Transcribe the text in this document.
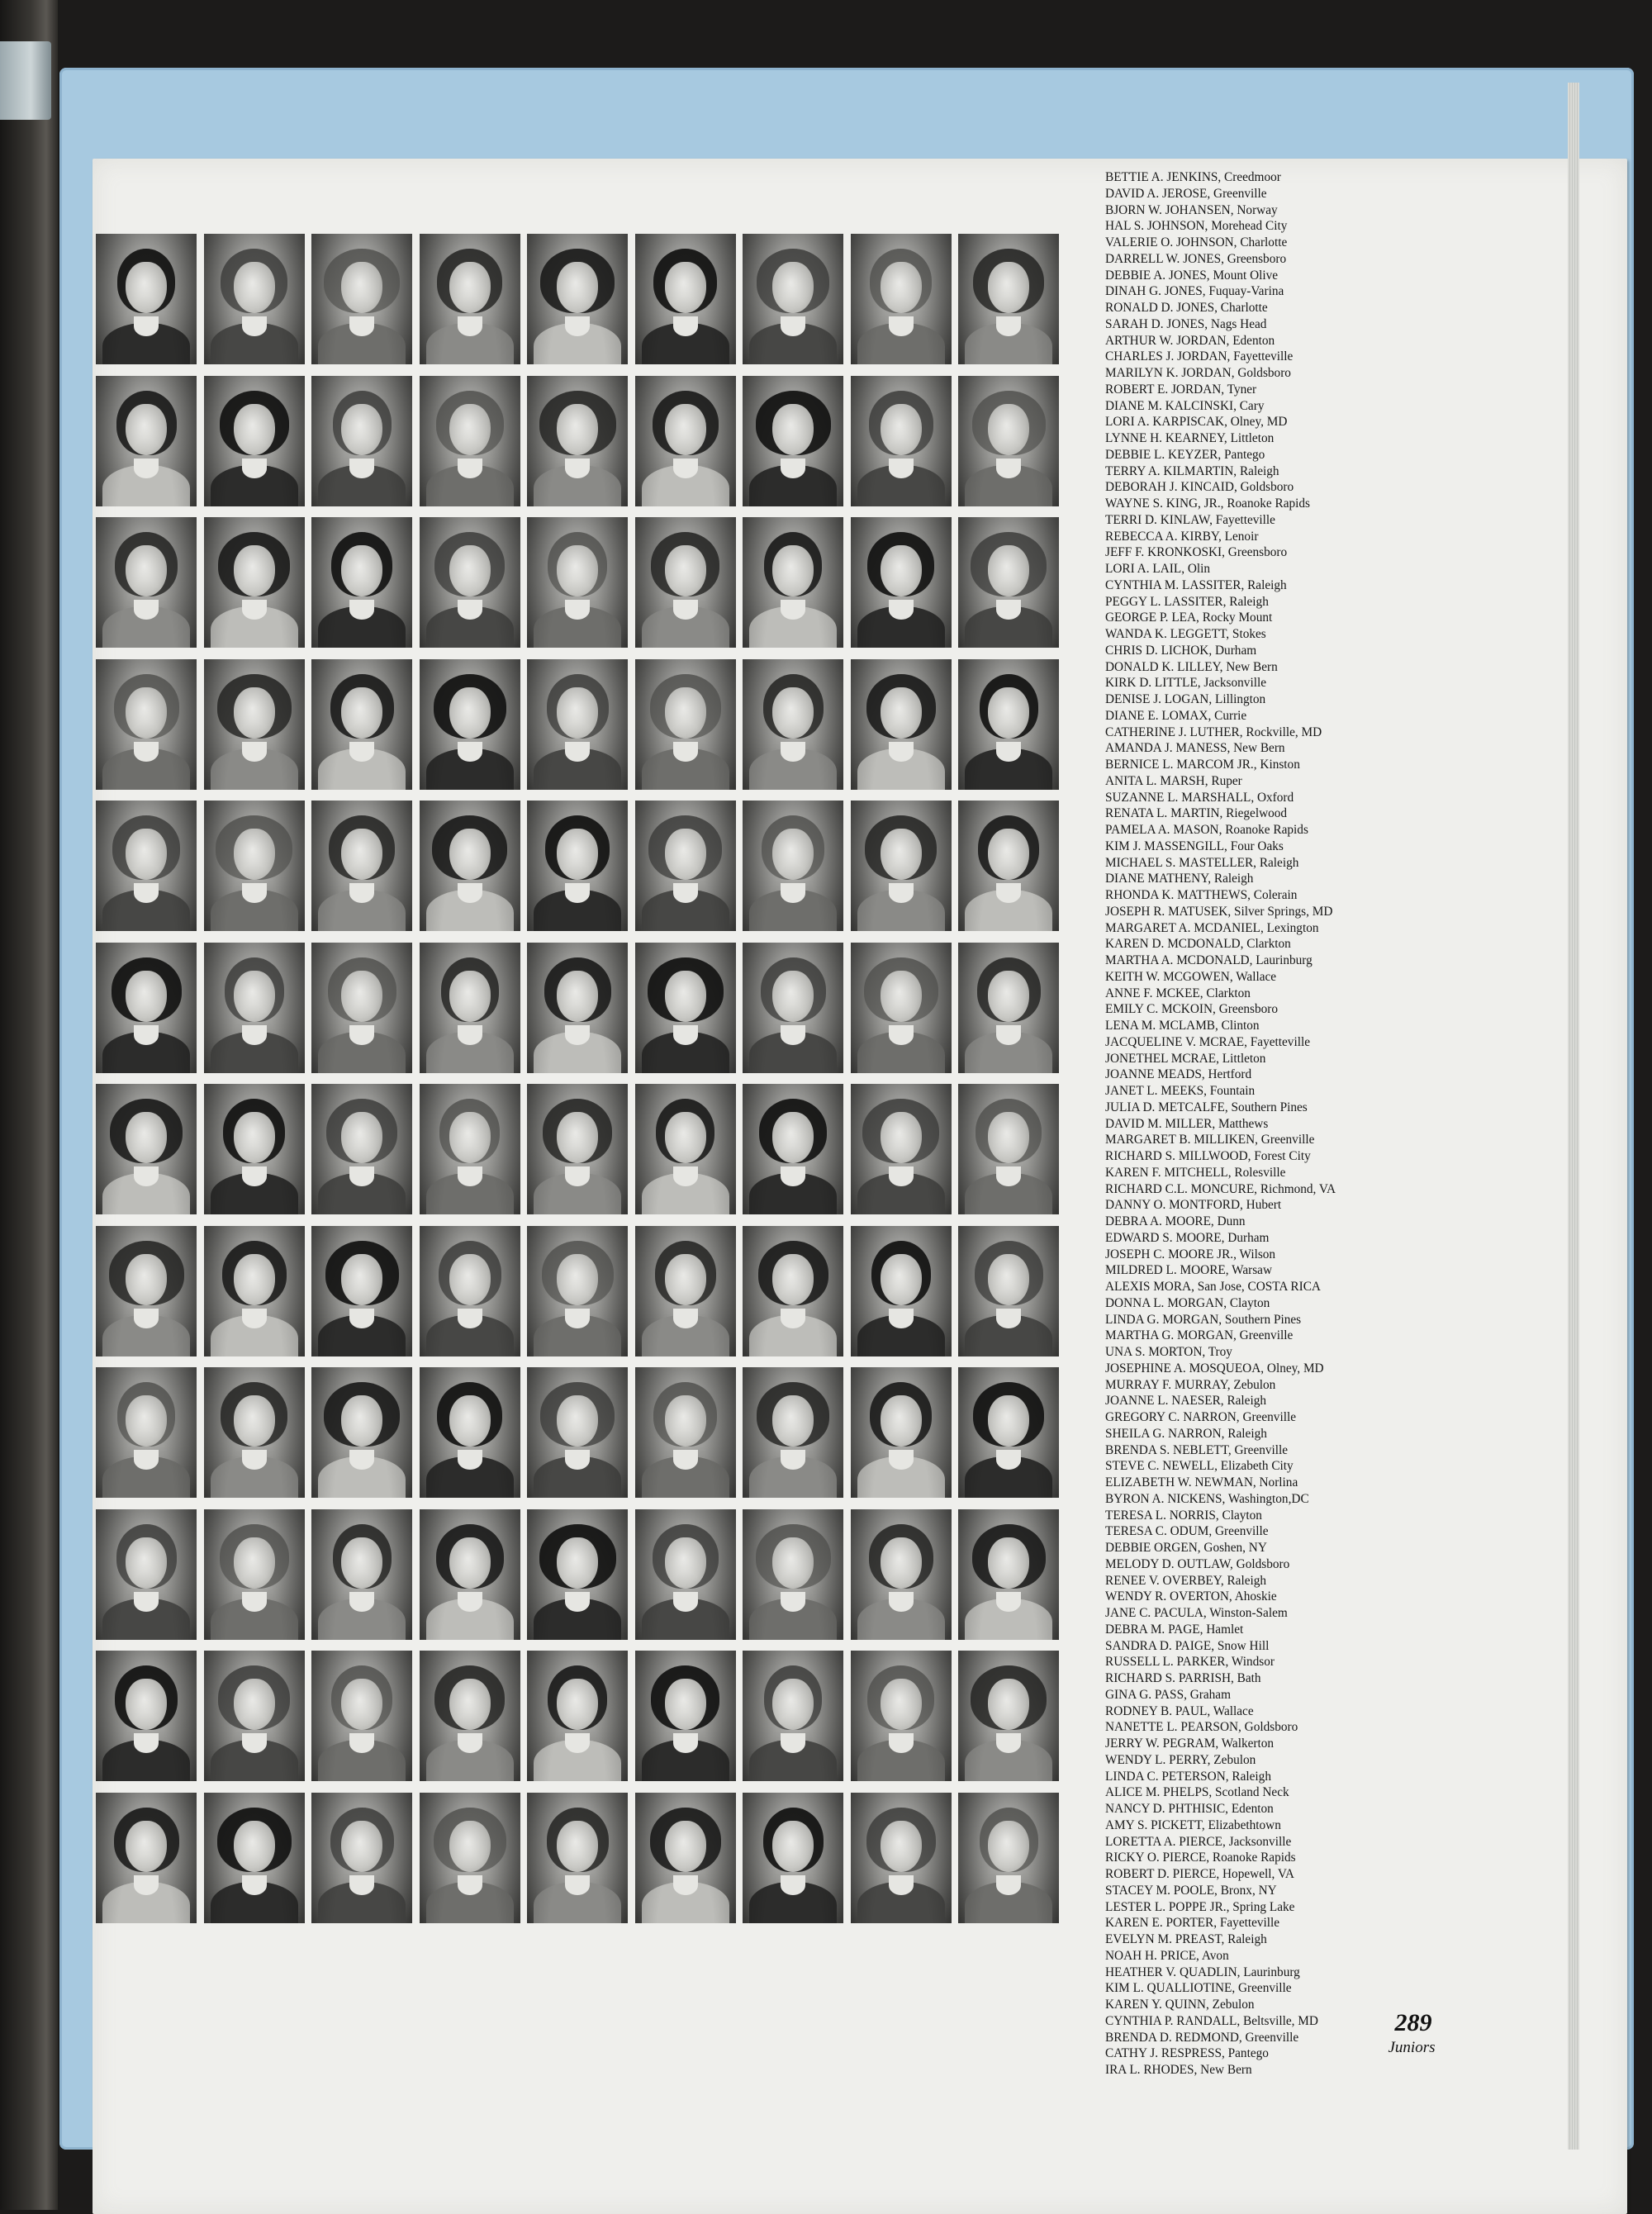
BETTIE A. JENKINS, Creedmoor
DAVID A. JEROSE, Greenville
BJORN W. JOHANSEN, Norway
HAL S. JOHNSON, Morehead City
VALERIE O. JOHNSON, Charlotte
DARRELL W. JONES, Greensboro
DEBBIE A. JONES, Mount Olive
DINAH G. JONES, Fuquay-Varina
RONALD D. JONES, Charlotte
SARAH D. JONES, Nags Head
ARTHUR W. JORDAN, Edenton
CHARLES J. JORDAN, Fayetteville
MARILYN K. JORDAN, Goldsboro
ROBERT E. JORDAN, Tyner
DIANE M. KALCINSKI, Cary
LORI A. KARPISCAK, Olney, MD
LYNNE H. KEARNEY, Littleton
DEBBIE L. KEYZER, Pantego
TERRY A. KILMARTIN, Raleigh
DEBORAH J. KINCAID, Goldsboro
WAYNE S. KING, JR., Roanoke Rapids
TERRI D. KINLAW, Fayetteville
REBECCA A. KIRBY, Lenoir
JEFF F. KRONKOSKI, Greensboro
LORI A. LAIL, Olin
CYNTHIA M. LASSITER, Raleigh
PEGGY L. LASSITER, Raleigh
GEORGE P. LEA, Rocky Mount
WANDA K. LEGGETT, Stokes
CHRIS D. LICHOK, Durham
DONALD K. LILLEY, New Bern
KIRK D. LITTLE, Jacksonville
DENISE J. LOGAN, Lillington
DIANE E. LOMAX, Currie
CATHERINE J. LUTHER, Rockville, MD
AMANDA J. MANESS, New Bern
BERNICE L. MARCOM JR., Kinston
ANITA L. MARSH, Ruper
SUZANNE L. MARSHALL, Oxford
RENATA L. MARTIN, Riegelwood
PAMELA A. MASON, Roanoke Rapids
KIM J. MASSENGILL, Four Oaks
MICHAEL S. MASTELLER, Raleigh
DIANE MATHENY, Raleigh
RHONDA K. MATTHEWS, Colerain
JOSEPH R. MATUSEK, Silver Springs, MD
MARGARET A. MCDANIEL, Lexington
KAREN D. MCDONALD, Clarkton
MARTHA A. MCDONALD, Laurinburg
KEITH W. MCGOWEN, Wallace
ANNE F. MCKEE, Clarkton
EMILY C. MCKOIN, Greensboro
LENA M. MCLAMB, Clinton
JACQUELINE V. MCRAE, Fayetteville
JONETHEL MCRAE, Littleton
JOANNE MEADS, Hertford
JANET L. MEEKS, Fountain
JULIA D. METCALFE, Southern Pines
DAVID M. MILLER, Matthews
MARGARET B. MILLIKEN, Greenville
RICHARD S. MILLWOOD, Forest City
KAREN F. MITCHELL, Rolesville
RICHARD C.L. MONCURE, Richmond, VA
DANNY O. MONTFORD, Hubert
DEBRA A. MOORE, Dunn
EDWARD S. MOORE, Durham
JOSEPH C. MOORE JR., Wilson
MILDRED L. MOORE, Warsaw
ALEXIS MORA, San Jose, COSTA RICA
DONNA L. MORGAN, Clayton
LINDA G. MORGAN, Southern Pines
MARTHA G. MORGAN, Greenville
UNA S. MORTON, Troy
JOSEPHINE A. MOSQUEOA, Olney, MD
MURRAY F. MURRAY, Zebulon
JOANNE L. NAESER, Raleigh
GREGORY C. NARRON, Greenville
SHEILA G. NARRON, Raleigh
BRENDA S. NEBLETT, Greenville
STEVE C. NEWELL, Elizabeth City
ELIZABETH W. NEWMAN, Norlina
BYRON A. NICKENS, Washington,DC
TERESA L. NORRIS, Clayton
TERESA C. ODUM, Greenville
DEBBIE ORGEN, Goshen, NY
MELODY D. OUTLAW, Goldsboro
RENEE V. OVERBEY, Raleigh
WENDY R. OVERTON, Ahoskie
JANE C. PACULA, Winston-Salem
DEBRA M. PAGE, Hamlet
SANDRA D. PAIGE, Snow Hill
RUSSELL L. PARKER, Windsor
RICHARD S. PARRISH, Bath
GINA G. PASS, Graham
RODNEY B. PAUL, Wallace
NANETTE L. PEARSON, Goldsboro
JERRY W. PEGRAM, Walkerton
WENDY L. PERRY, Zebulon
LINDA C. PETERSON, Raleigh
ALICE M. PHELPS, Scotland Neck
NANCY D. PHTHISIC, Edenton
AMY S. PICKETT, Elizabethtown
LORETTA A. PIERCE, Jacksonville
RICKY O. PIERCE, Roanoke Rapids
ROBERT D. PIERCE, Hopewell, VA
STACEY M. POOLE, Bronx, NY
LESTER L. POPPE JR., Spring Lake
KAREN E. PORTER, Fayetteville
EVELYN M. PREAST, Raleigh
NOAH H. PRICE, Avon
HEATHER V. QUADLIN, Laurinburg
KIM L. QUALLIOTINE, Greenville
KAREN Y. QUINN, Zebulon
CYNTHIA P. RANDALL, Beltsville, MD
BRENDA D. REDMOND, Greenville
CATHY J. RESPRESS, Pantego
IRA L. RHODES, New Bern
289
Juniors
